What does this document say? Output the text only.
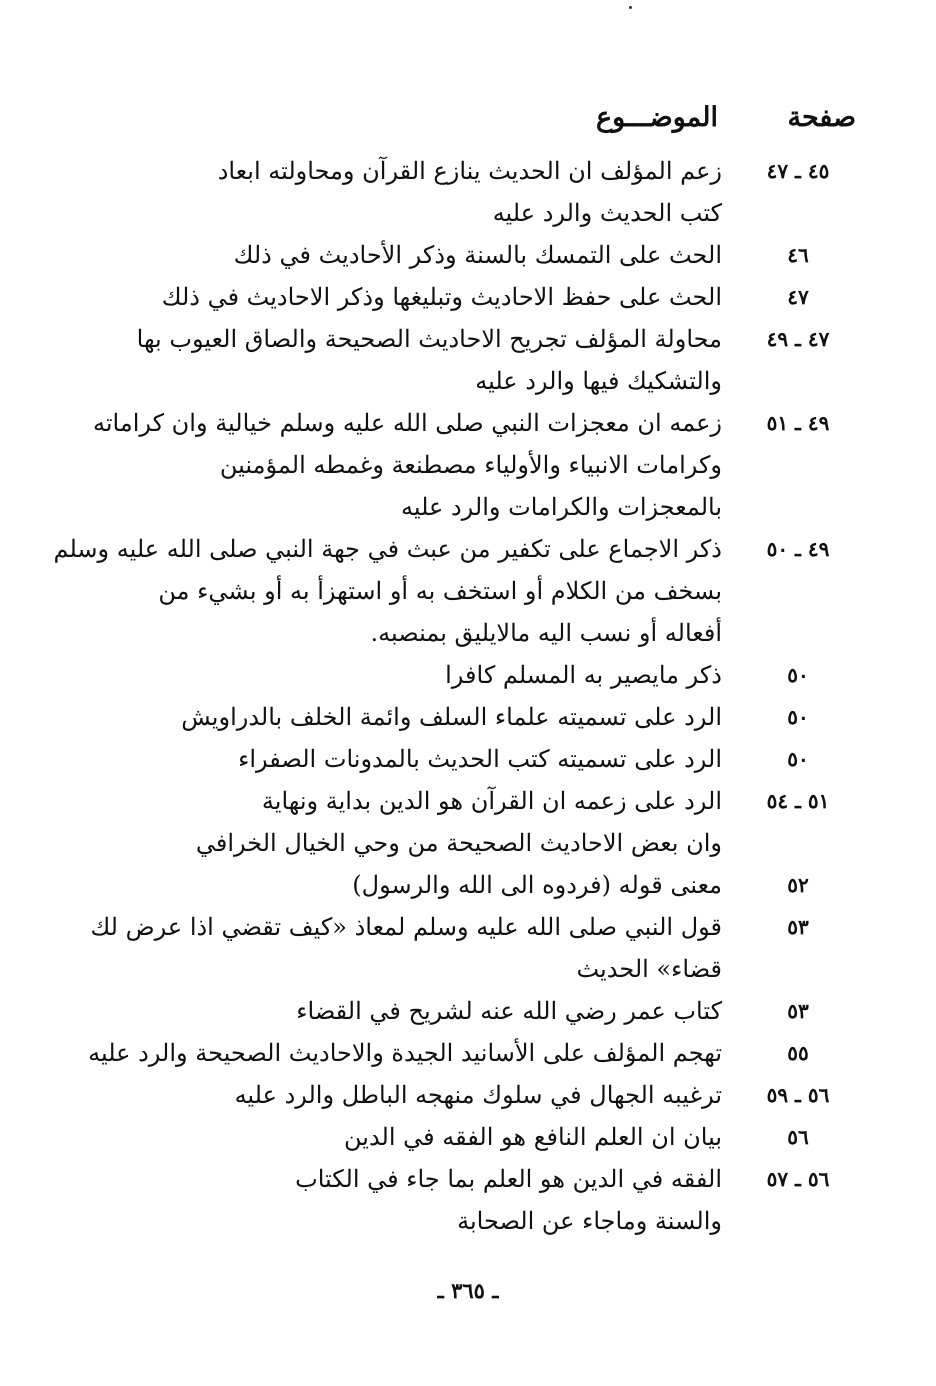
صفحة
الموضـــوع
٤٥ ـ ٤٧
زعم المؤلف ان الحديث ينازع القرآن ومحاولته ابعاد
كتب الحديث والرد عليه
٤٦
الحث على التمسك بالسنة وذكر الأحاديث في ذلك
٤٧
الحث على حفظ الاحاديث وتبليغها وذكر الاحاديث في ذلك
٤٧ ـ ٤٩
محاولة المؤلف تجريح الاحاديث الصحيحة والصاق العيوب بها
والتشكيك فيها والرد عليه
٤٩ ـ ٥١
زعمه ان معجزات النبي صلى الله عليه وسلم خيالية وان كراماته
وكرامات الانبياء والأولياء مصطنعة وغمطه المؤمنين
بالمعجزات والكرامات والرد عليه
٤٩ ـ ٥٠
ذكر الاجماع على تكفير من عبث في جهة النبي صلى الله عليه وسلم
بسخف من الكلام أو استخف به أو استهزأ به أو بشيء من
أفعاله أو نسب اليه مالايليق بمنصبه.
٥٠
ذكر مايصير به المسلم كافرا
٥٠
الرد على تسميته علماء السلف وائمة الخلف بالدراويش
٥٠
الرد على تسميته كتب الحديث بالمدونات الصفراء
٥١ ـ ٥٤
الرد على زعمه ان القرآن هو الدين بداية ونهاية
وان بعض الاحاديث الصحيحة من وحي الخيال الخرافي
٥٢
معنى قوله (فردوه الى الله والرسول)
٥٣
قول النبي صلى الله عليه وسلم لمعاذ «كيف تقضي اذا عرض لك
قضاء» الحديث
٥٣
كتاب عمر رضي الله عنه لشريح في القضاء
٥٥
تهجم المؤلف على الأسانيد الجيدة والاحاديث الصحيحة والرد عليه
٥٦ ـ ٥٩
ترغيبه الجهال في سلوك منهجه الباطل والرد عليه
٥٦
بيان ان العلم النافع هو الفقه في الدين
٥٦ ـ ٥٧
الفقه في الدين هو العلم بما جاء في الكتاب
والسنة وماجاء عن الصحابة
ـ ٣٦٥ ـ
